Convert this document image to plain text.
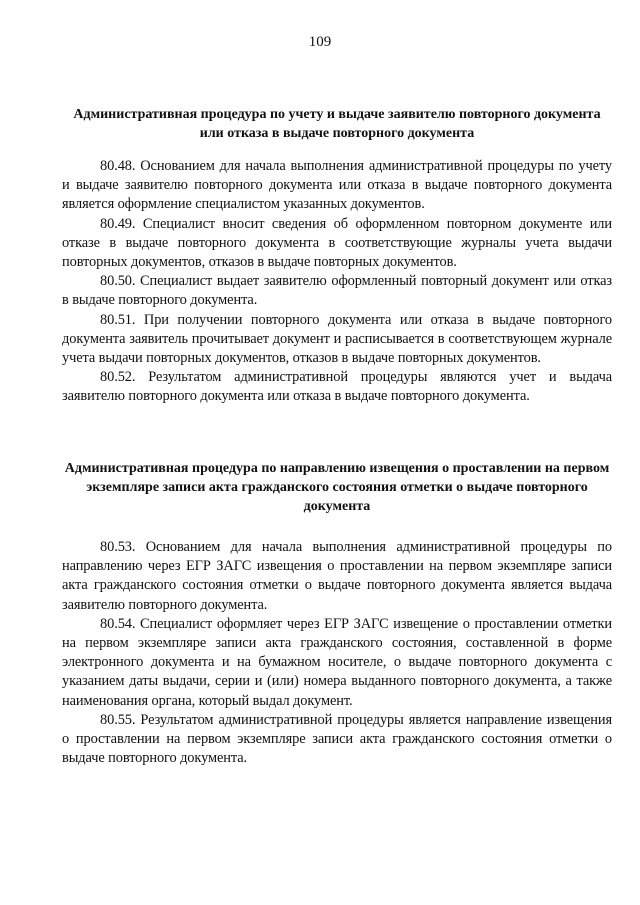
109
Административная процедура по учету и выдаче заявителю повторного документа или отказа в выдаче повторного документа

80.48. Основанием для начала выполнения административной процедуры по учету и выдаче заявителю повторного документа или отказа в выдаче повторного документа является оформление специалистом указанных документов.

80.49. Специалист вносит сведения об оформленном повторном документе или отказе в выдаче повторного документа в соответствующие журналы учета выдачи повторных документов, отказов в выдаче повторных документов.

80.50. Специалист выдает заявителю оформленный повторный документ или отказ в выдаче повторного документа.

80.51. При получении повторного документа или отказа в выдаче повторного документа заявитель прочитывает документ и расписывается в соответствующем журнале учета выдачи повторных документов, отказов в выдаче повторных документов.

80.52. Результатом административной процедуры являются учет и выдача заявителю повторного документа или отказа в выдаче повторного документа.

Административная процедура по направлению извещения о проставлении на первом экземпляре записи акта гражданского состояния отметки о выдаче повторного документа

80.53. Основанием для начала выполнения административной процедуры по направлению через ЕГР ЗАГС извещения о проставлении на первом экземпляре записи акта гражданского состояния отметки о выдаче повторного документа является выдача заявителю повторного документа.

80.54. Специалист оформляет через ЕГР ЗАГС извещение о проставлении отметки на первом экземпляре записи акта гражданского состояния, составленной в форме электронного документа и на бумажном носителе, о выдаче повторного документа с указанием даты выдачи, серии и (или) номера выданного повторного документа, а также наименования органа, который выдал документ.

80.55. Результатом административной процедуры является направление извещения о проставлении на первом экземпляре записи акта гражданского состояния отметки о выдаче повторного документа.
